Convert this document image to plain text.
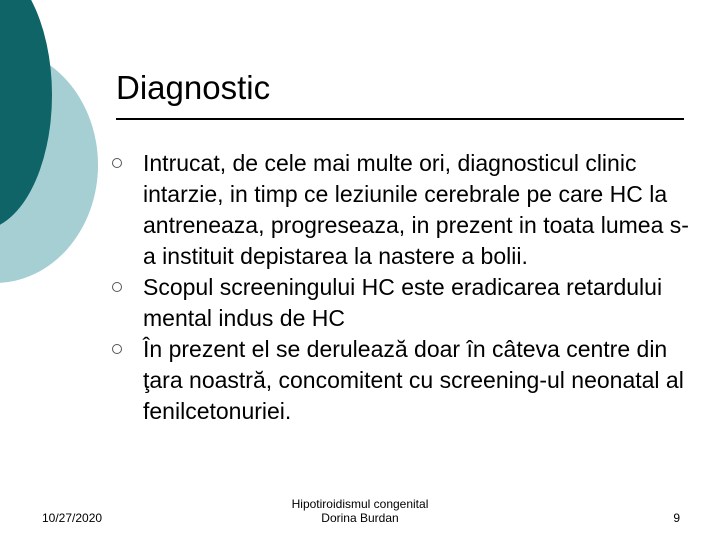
Diagnostic
Intrucat, de cele mai multe ori, diagnosticul clinic intarzie, in timp ce leziunile cerebrale pe care HC la antreneaza, progreseaza, in prezent in toata lumea s-a instituit depistarea la nastere a bolii.
Scopul screeningului HC este eradicarea retardului mental indus de HC
În prezent el se derulează doar în câteva centre din ţara noastră, concomitent cu screening-ul neonatal al fenilcetonuriei.
10/27/2020
Hipotiroidismul congenital
Dorina Burdan	9
